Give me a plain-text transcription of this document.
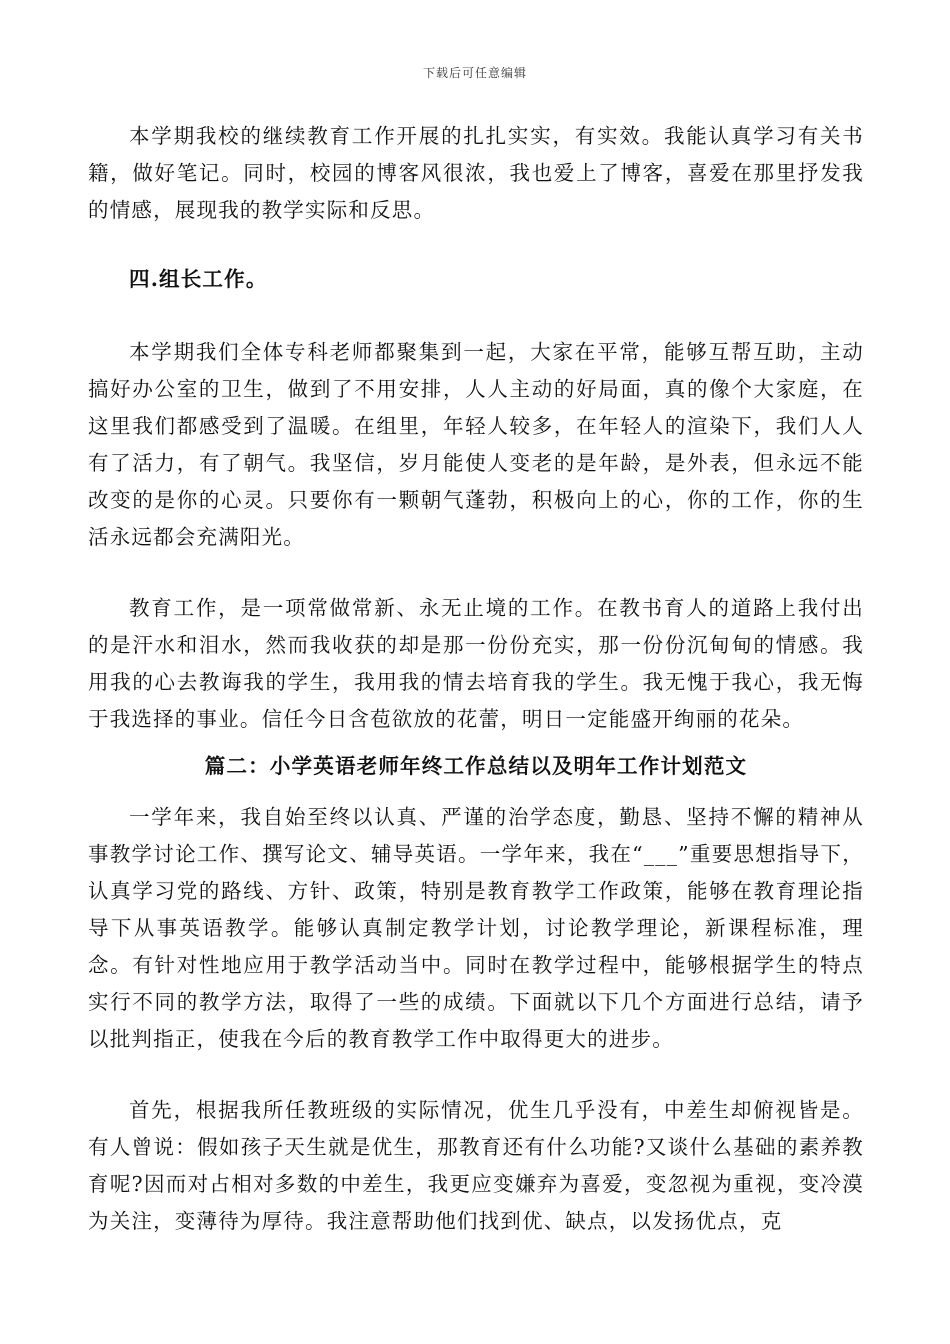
下载后可任意编辑

本学期我校的继续教育工作开展的扎扎实实，有实效。我能认真学习有关书籍，做好笔记。同时，校园的博客风很浓，我也爱上了博客，喜爱在那里抒发我的情感，展现我的教学实际和反思。

四.组长工作。

本学期我们全体专科老师都聚集到一起，大家在平常，能够互帮互助，主动搞好办公室的卫生，做到了不用安排，人人主动的好局面，真的像个大家庭，在这里我们都感受到了温暖。在组里，年轻人较多，在年轻人的渲染下，我们人人有了活力，有了朝气。我坚信，岁月能使人变老的是年龄，是外表，但永远不能改变的是你的心灵。只要你有一颗朝气蓬勃，积极向上的心，你的工作，你的生活永远都会充满阳光。

教育工作，是一项常做常新、永无止境的工作。在教书育人的道路上我付出的是汗水和泪水，然而我收获的却是那一份份充实，那一份份沉甸甸的情感。我用我的心去教诲我的学生，我用我的情去培育我的学生。我无愧于我心，我无悔于我选择的事业。信任今日含苞欲放的花蕾，明日一定能盛开绚丽的花朵。

篇二：小学英语老师年终工作总结以及明年工作计划范文

一学年来，我自始至终以认真、严谨的治学态度，勤恳、坚持不懈的精神从事教学讨论工作、撰写论文、辅导英语。一学年来，我在“___”重要思想指导下，认真学习党的路线、方针、政策，特别是教育教学工作政策，能够在教育理论指导下从事英语教学。能够认真制定教学计划，讨论教学理论，新课程标准，理念。有针对性地应用于教学活动当中。同时在教学过程中，能够根据学生的特点实行不同的教学方法，取得了一些的成绩。下面就以下几个方面进行总结，请予以批判指正，使我在今后的教育教学工作中取得更大的进步。

首先，根据我所任教班级的实际情况，优生几乎没有，中差生却俯视皆是。有人曾说：假如孩子天生就是优生，那教育还有什么功能?又谈什么基础的素养教育呢?因而对占相对多数的中差生，我更应变嫌弃为喜爱，变忽视为重视，变冷漠为关注，变薄待为厚待。我注意帮助他们找到优、缺点，以发扬优点，克
